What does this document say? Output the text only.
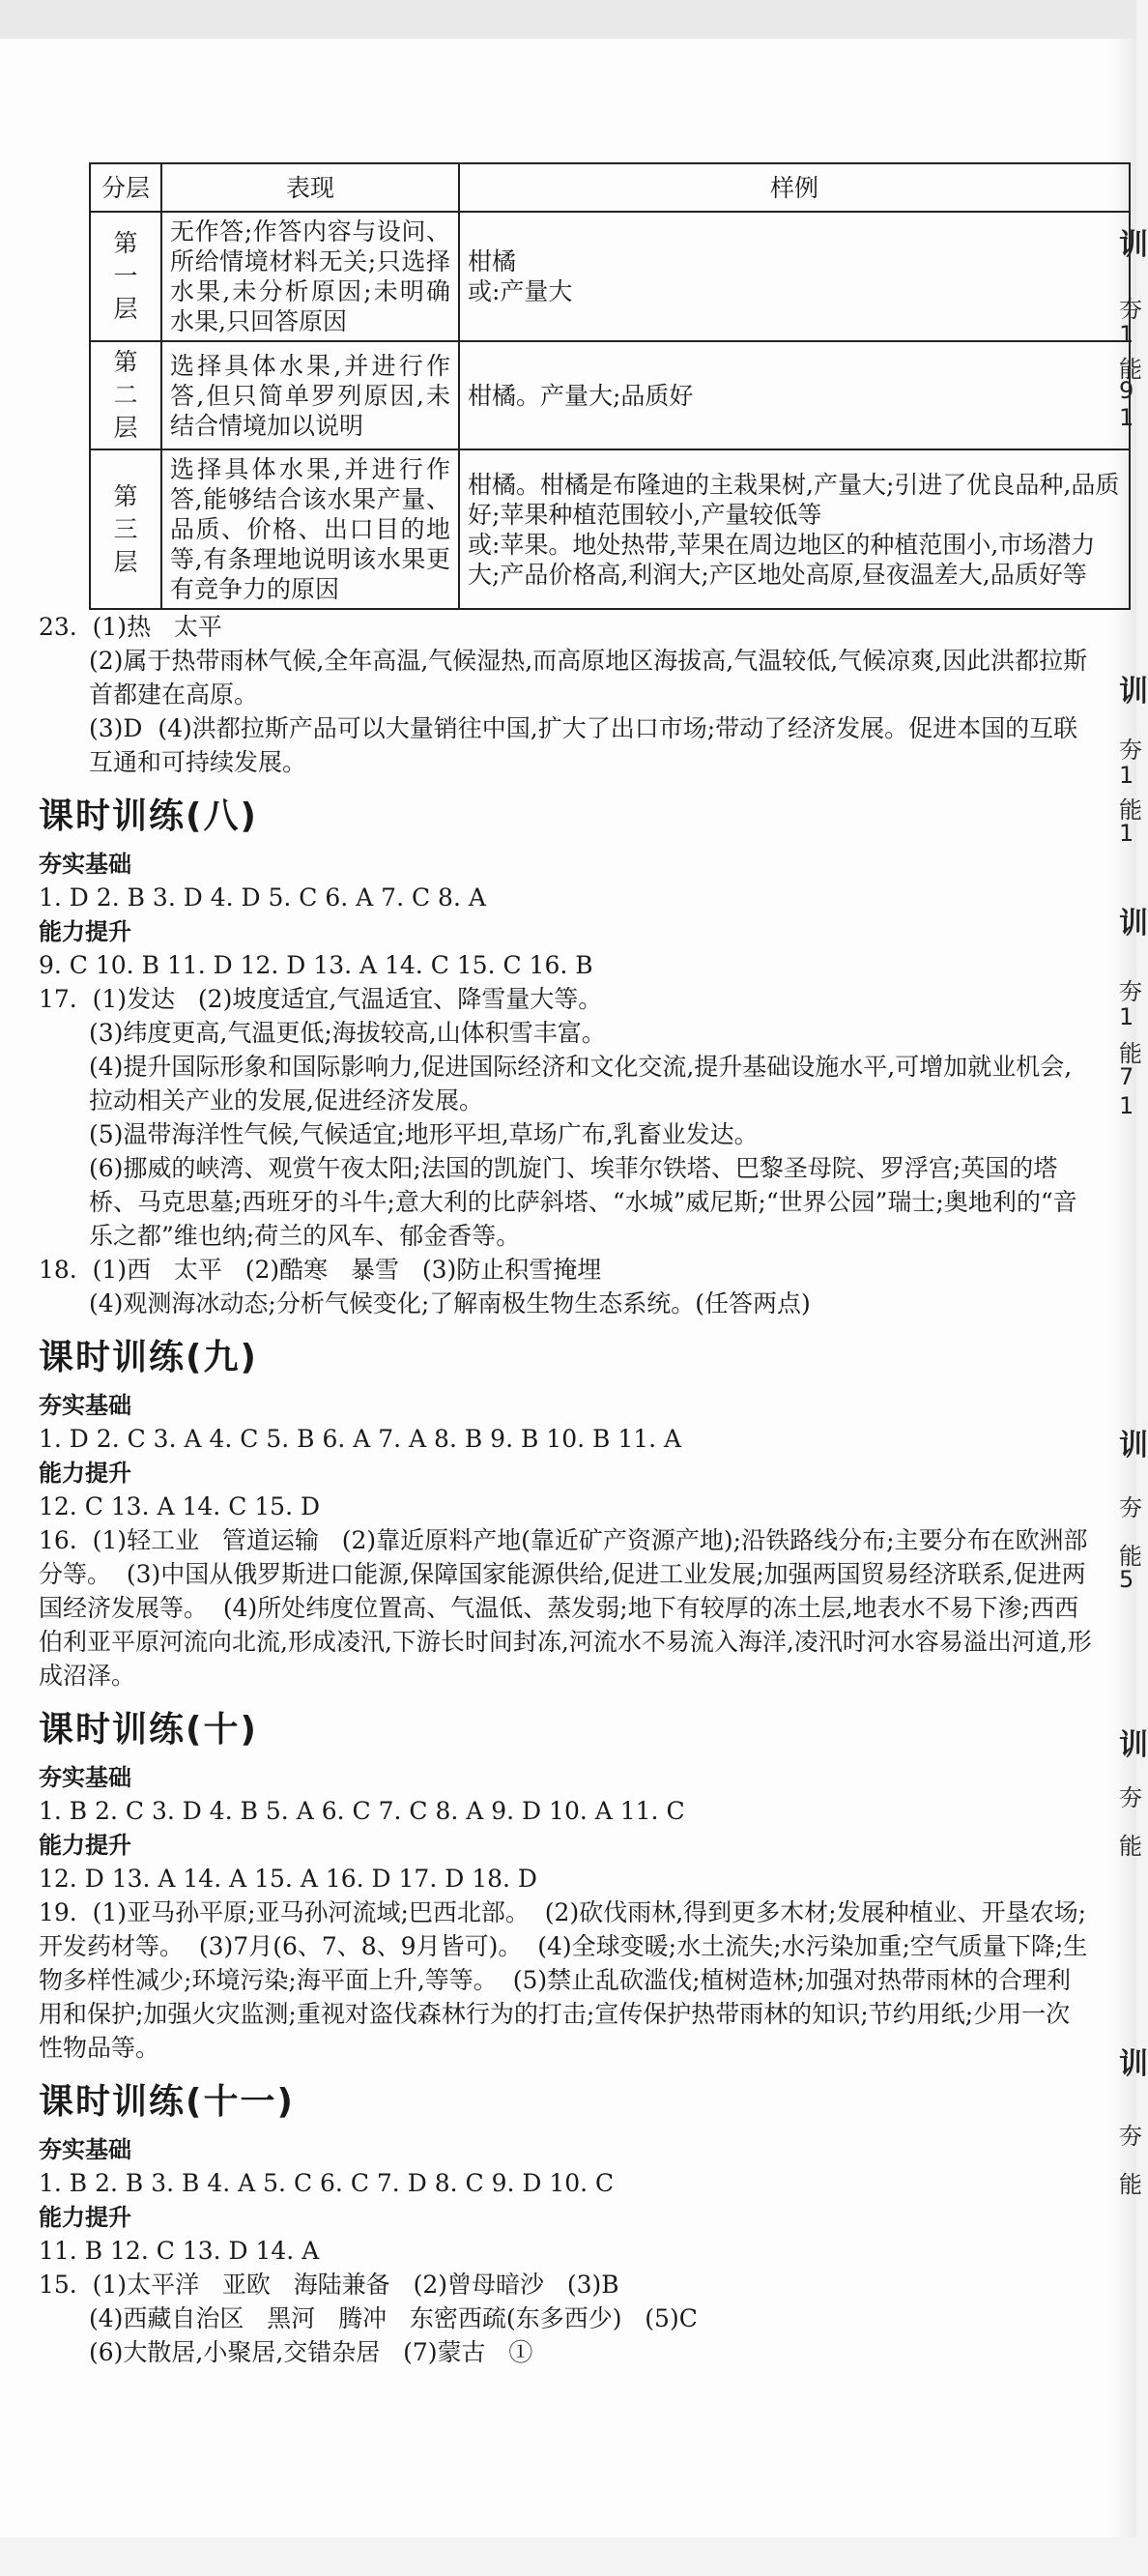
分层	表现	样例
第一层	无作答;作答内容与设问、所给情境材料无关;只选择水果,未分析原因;未明确水果,只回答原因	柑橘
或:产量大
第二层	选择具体水果,并进行作答,但只简单罗列原因,未结合情境加以说明	柑橘。产量大;品质好
第三层	选择具体水果,并进行作答,能够结合该水果产量、品质、价格、出口目的地等,有条理地说明该水果更有竞争力的原因	柑橘。柑橘是布隆迪的主栽果树,产量大;引进了优良品种,品质好;苹果种植范围较小,产量较低等
或:苹果。地处热带,苹果在周边地区的种植范围小,市场潜力大;产品价格高,利润大;产区地处高原,昼夜温差大,品质好等

23.  (1)热   太平

(2)属于热带雨林气候,全年高温,气候湿热,而高原地区海拔高,气温较低,气候凉爽,因此洪都拉斯首都建在高原。

(3)D  (4)洪都拉斯产品可以大量销往中国,扩大了出口市场;带动了经济发展。促进本国的互联互通和可持续发展。

课时训练(八)
夯实基础

1. D 2. B 3. D 4. D 5. C 6. A 7. C 8. A

能力提升

9. C 10. B 11. D 12. D 13. A 14. C 15. C 16. B

17.  (1)发达   (2)坡度适宜,气温适宜、降雪量大等。

(3)纬度更高,气温更低;海拔较高,山体积雪丰富。

(4)提升国际形象和国际影响力,促进国际经济和文化交流,提升基础设施水平,可增加就业机会,拉动相关产业的发展,促进经济发展。

(5)温带海洋性气候,气候适宜;地形平坦,草场广布,乳畜业发达。

(6)挪威的峡湾、观赏午夜太阳;法国的凯旋门、埃菲尔铁塔、巴黎圣母院、罗浮宫;英国的塔桥、马克思墓;西班牙的斗牛;意大利的比萨斜塔、“水城”威尼斯;“世界公园”瑞士;奥地利的“音乐之都”维也纳;荷兰的风车、郁金香等。

18.  (1)西   太平   (2)酷寒   暴雪   (3)防止积雪掩埋

(4)观测海冰动态;分析气候变化;了解南极生物生态系统。(任答两点)

课时训练(九)
夯实基础

1. D 2. C 3. A 4. C 5. B 6. A 7. A 8. B 9. B 10. B 11. A

能力提升

12. C 13. A 14. C 15. D

16.  (1)轻工业   管道运输   (2)靠近原料产地(靠近矿产资源产地);沿铁路线分布;主要分布在欧洲部分等。  (3)中国从俄罗斯进口能源,保障国家能源供给,促进工业发展;加强两国贸易经济联系,促进两国经济发展等。  (4)所处纬度位置高、气温低、蒸发弱;地下有较厚的冻土层,地表水不易下渗;西西伯利亚平原河流向北流,形成凌汛,下游长时间封冻,河流水不易流入海洋,凌汛时河水容易溢出河道,形成沼泽。

课时训练(十)
夯实基础

1. B 2. C 3. D 4. B 5. A 6. C 7. C 8. A 9. D 10. A 11. C

能力提升

12. D 13. A 14. A 15. A 16. D 17. D 18. D

19.  (1)亚马孙平原;亚马孙河流域;巴西北部。  (2)砍伐雨林,得到更多木材;发展种植业、开垦农场;开发药材等。  (3)7月(6、7、8、9月皆可)。  (4)全球变暖;水土流失;水污染加重;空气质量下降;生物多样性减少;环境污染;海平面上升,等等。  (5)禁止乱砍滥伐;植树造林;加强对热带雨林的合理利用和保护;加强火灾监测;重视对盗伐森林行为的打击;宣传保护热带雨林的知识;节约用纸;少用一次性物品等。

课时训练(十一)
夯实基础

1. B 2. B 3. B 4. A 5. C 6. C 7. D 8. C 9. D 10. C

能力提升

11. B 12. C 13. D 14. A

15.  (1)太平洋   亚欧   海陆兼备   (2)曾母暗沙   (3)B

(4)西藏自治区   黑河   腾冲   东密西疏(东多西少)   (5)C

(6)大散居,小聚居,交错杂居   (7)蒙古   ①

训
夯
1
能
9
1
训
夯
1
能
1
训
夯
1
能
7
1
训
夯
能
5
训
夯
能
训
夯
能
